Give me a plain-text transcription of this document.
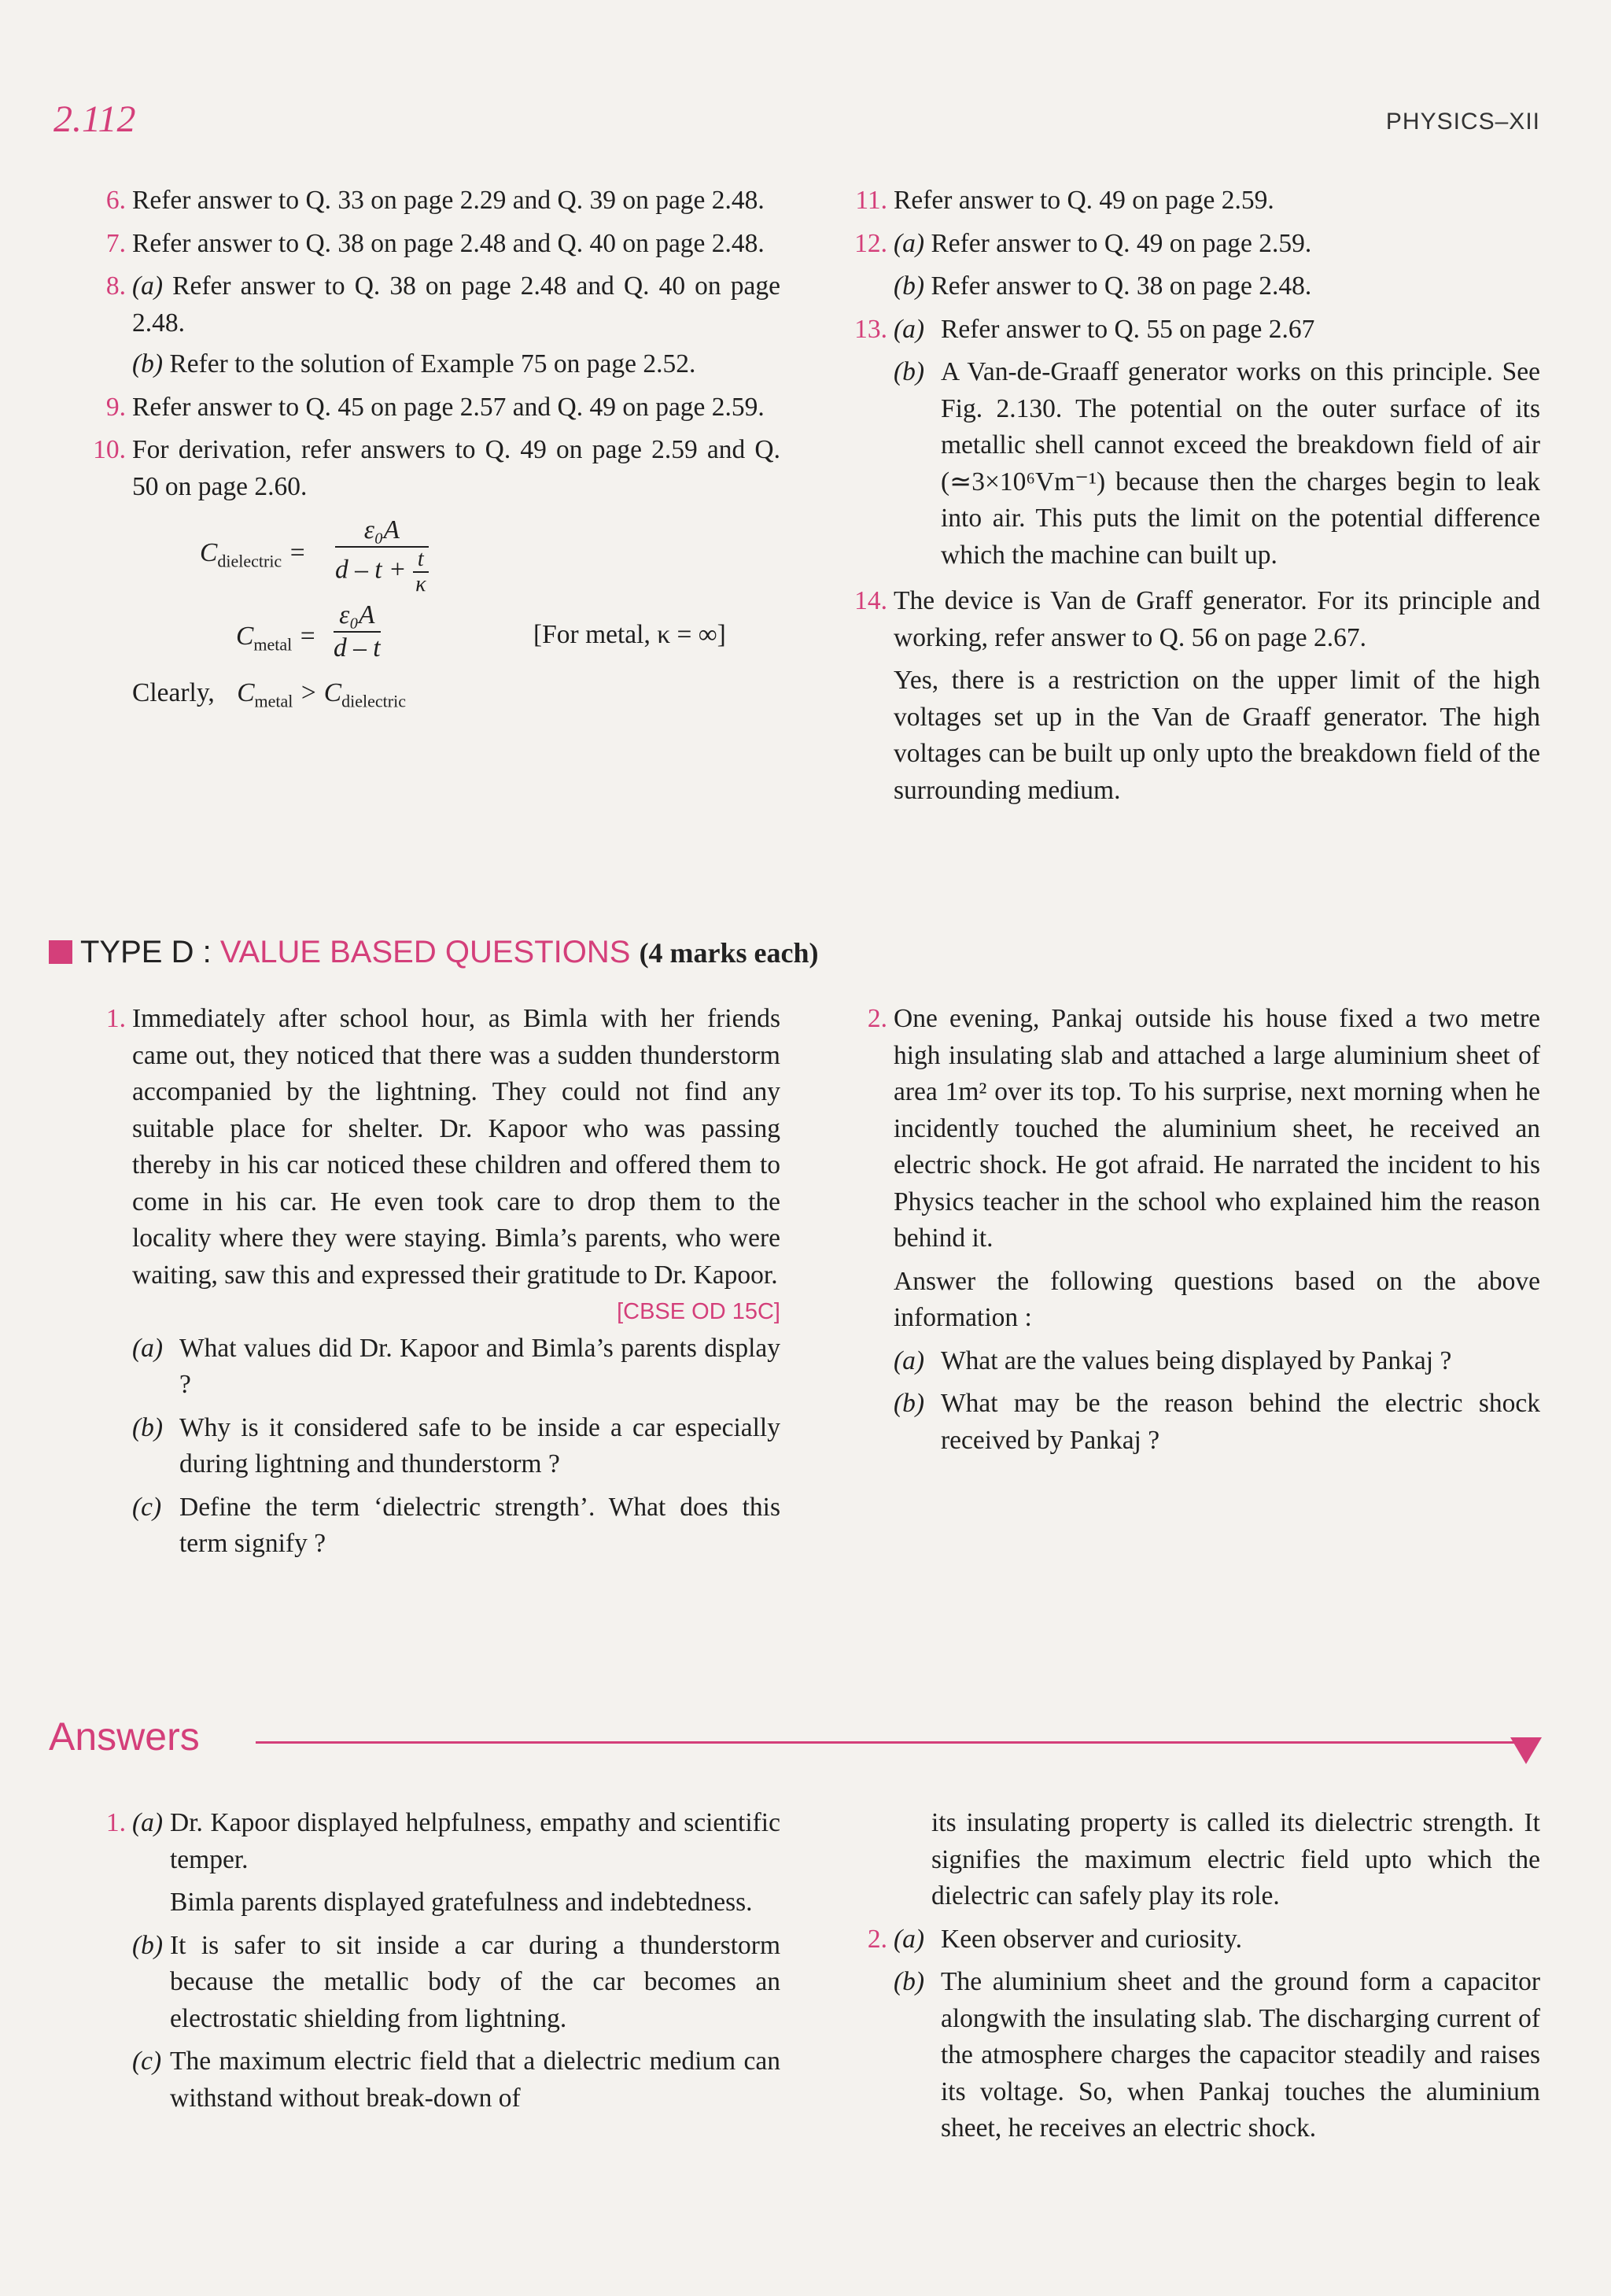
2.112	PHYSICS–XII
6. Refer answer to Q. 33 on page 2.29 and Q. 39 on page 2.48.
7. Refer answer to Q. 38 on page 2.48 and Q. 40 on page 2.48.
8. (a) Refer answer to Q. 38 on page 2.48 and Q. 40 on page 2.48.
(b) Refer to the solution of Example 75 on page 2.52.
9. Refer answer to Q. 45 on page 2.57 and Q. 49 on page 2.59.
10. For derivation, refer answers to Q. 49 on page 2.59 and Q. 50 on page 2.60.
$C_{dielectric} = \frac{\text{ε₀A}}{d - t + \frac{t}{\kappa}}$
$C_{metal} = \frac{\text{ε₀A}}{d - t}$	[For metal, κ = ∞]
Clearly, $C_{metal} > C_{dielectric}$
11. Refer answer to Q. 49 on page 2.59.
12. (a) Refer answer to Q. 49 on page 2.59.
(b) Refer answer to Q. 38 on page 2.48.
13. (a) Refer answer to Q. 55 on page 2.67
(b) A Van-de-Graaff generator works on this principle. See Fig. 2.130. The potential on the outer surface of its metallic shell cannot exceed the breakdown field of air (≃3×10⁶Vm⁻¹) because then the charges begin to leak into air. This puts the limit on the potential difference which the machine can built up.
14. The device is Van de Graff generator. For its principle and working, refer answer to Q. 56 on page 2.67.
Yes, there is a restriction on the upper limit of the high voltages set up in the Van de Graaff generator. The high voltages can be built up only upto the breakdown field of the surrounding medium.
TYPE D : VALUE BASED QUESTIONS (4 marks each)
1. Immediately after school hour, as Bimla with her friends came out, they noticed that there was a sudden thunderstorm accompanied by the lightning. They could not find any suitable place for shelter. Dr. Kapoor who was passing thereby in his car noticed these children and offered them to come in his car. He even took care to drop them to the locality where they were staying. Bimla’s parents, who were waiting, saw this and expressed their gratitude to Dr. Kapoor.
[CBSE OD 15C]
(a) What values did Dr. Kapoor and Bimla’s parents display ?
(b) Why is it considered safe to be inside a car especially during lightning and thunderstorm ?
(c) Define the term ‘dielectric strength’. What does this term signify ?
2. One evening, Pankaj outside his house fixed a two metre high insulating slab and attached a large aluminium sheet of area 1m² over its top. To his surprise, next morning when he incidently touched the aluminium sheet, he received an electric shock. He got afraid. He narrated the incident to his Physics teacher in the school who explained him the reason behind it.
Answer the following questions based on the above information :
(a) What are the values being displayed by Pankaj ?
(b) What may be the reason behind the electric shock received by Pankaj ?
Answers
1. (a) Dr. Kapoor displayed helpfulness, empathy and scientific temper.
Bimla parents displayed gratefulness and indebtedness.
(b) It is safer to sit inside a car during a thunderstorm because the metallic body of the car becomes an electrostatic shielding from lightning.
(c) The maximum electric field that a dielectric medium can withstand without break-down of
its insulating property is called its dielectric strength. It signifies the maximum electric field upto which the dielectric can safely play its role.
2. (a) Keen observer and curiosity.
(b) The aluminium sheet and the ground form a capacitor alongwith the insulating slab. The discharging current of the atmosphere charges the capacitor steadily and raises its voltage. So, when Pankaj touches the aluminium sheet, he receives an electric shock.
